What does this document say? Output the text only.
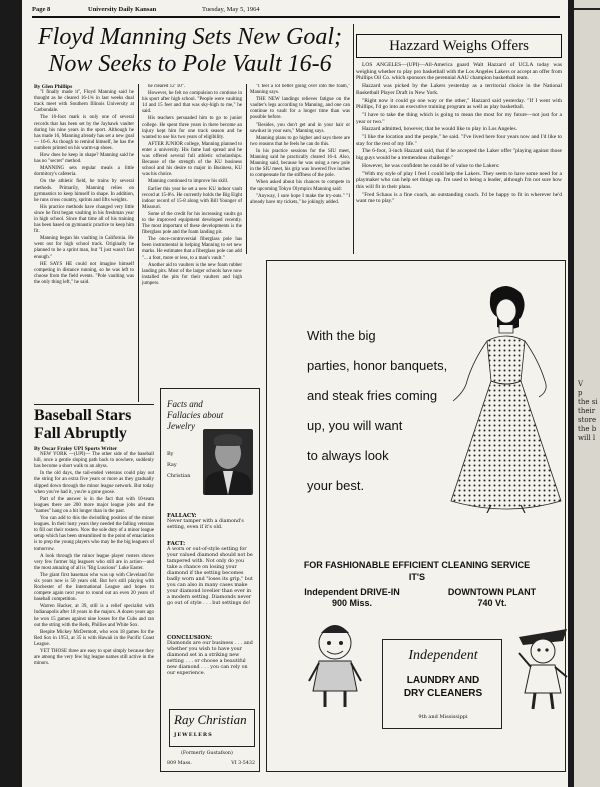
Page 8	University Daily Kansan	Tuesday, May 5, 1964
Floyd Manning Sets New Goal; Now Seeks to Pole Vault 16-6
By Glen Phillips

"I finally made it", Floyd Manning said he thought as he cleared 16-1¾ in last weeks dual track meet with Southern Illinois University at Carbondale.

The 16-foot mark is only one of several records that has been set by the Jayhawk vaulter during his nine years in the sport. Although he has made 16, Manning already has set a new goal — 16-6. As though to remind himself, he has the numbers printed on his warm-up shoes.

How does he keep in shape? Manning said he has no "secret" method.

MANNING sets regular meals a little dormitory's cafeteria.

On the athletic field, he trains by several methods. Primarily, Manning relies on gymnastics to keep himself in shape. In addition, he runs cross country, sprints and lifts weights.

His practice methods have changed very little since he first began vaulting in his freshman year in high school. Since that time all of his training has been based on gymnastic practice to keep him fit.

Manning began his vaulting in California. He went out for high school track. Originally he planned to be a sprint man, but "I just wasn't fast enough."

HE SAYS HE could not imagine himself competing in distance running, so he was left to choose from the field events. "Pole vaulting was the only thing left," he said.

he cleared 12' 10".

However, he felt no compulsion to continue in his sport after high school. "People were vaulting 14 and 15 feet and that was sky-high to me," he said.

His teachers persuaded him to go to junior college. He spent three years in there become an injury kept him for one track season and he wanted to use his two years of eligibility.

AFTER JUNIOR college, Manning planned to enter a university. His fame had spread and he was offered several full athletic scholarships. Because of the strength of the KU business school and his desire to major in Business, KU was his choice.

Manning continued to improve his skill.

Earlier this year he set a new KU indoor vault record at 15-8¼. He currently holds the Big Eight indoor record of 15-8 along with Bill Younger of Missouri.

Some of the credit for his increasing vaults go to the improved equipment developed recently. The most important of these developments is the fiberglass pole and the foam landing pit.

The once-controversial fiberglass pole has been instrumental in helping Manning to set new marks. He estimates that a fiberglass pole can add "... a foot, more or less, to a man's vault."

Another aid to vaulters is the new foam rubber landing pits. Most of the larger schools have now installed the pits for their vaulters and high jumpers.

"I feel a lot better going over into the foam," Manning says.

THE NEW landings relieves fatigue on the vaulter's legs according to Manning, and one can continue to vault for a longer time than was possible before.

"Besides, you don't get and in your hair or sawdust in your ears," Manning says.

Manning plans to go higher and says there are two reasons that he feels he can do this.

In his practice sessions for the SIU meet, Manning said he practically cleared 16-4. Also, Manning said, because he was using a new pole in the SIU meet, his grip was lowered five inches to compensate for the stiffness of the pole.

When asked about his chances to compete in the upcoming Tokyo Olympics Manning said:

"Anyway, I sure hope I make the try-outs." "I already have my tickets," he jokingly added.

Baseball Stars Fall Abruptly
By Oscar Fraley UPI Sports Writer

NEW YORK —(UPI)— The other side of the baseball hill, once a gentle sloping path back to nowhere, suddenly has become a short walk to an abyss.

In the old days, the tail-ended veterans could play out the string for an extra five years or more as they gradually slipped down through the minor league network. But today when you've had it, you're a gone goose.

Part of the answer is in the fact that with 10-team leagues there are 200 more major league jobs and the "names" hang on a bit longer than in the past.

You can add to this the dwindling position of the minor leagues. In their lusty years they needed the falling veterans to fill out their rosters. Now the sole duty of a minor league setup which has been streamlined to the point of emaciation is to prep the young players who may be the big leaguers of tomorrow.

A look through the minor league player rosters shows very few former big leaguers who still are in action—and the most amazing of all is "Big Luscious" Luke Easter.

The giant first baseman who was up with Cleveland for six years now is 50 years old. But he's still playing with Rochester of the International League and hopes to compete again next year to round out an even 20 years of baseball competition.

Warren Hacker, at 39, still is a relief specialist with Indianapolis after 18 years in the majors. A dozen years ago he won 15 games against nine losses for the Cubs and ran out the string with the Reds, Phillies and White Sox.

Bespite Mickey McDermott, who won 18 games for the Red Sox in 1953, at 35 is with Hawaii in the Pacific Coast League.

YET THOSE three are easy to spot simply because they are among the very few big league names still active in the minors.

Hazzard Weighs Offers

LOS ANGELES—(UPI)—All-America guard Walt Hazzard of UCLA today was weighing whether to play pro basketball with the Los Angeles Lakers or accept an offer from Phillips Oil Co. which sponsors the perennial AAU champion basketball team.

Hazzard was picked by the Lakers yesterday as a territorial choice in the National Basketball Player Draft in New York.

"Right now it could go one way or the other," Hazzard said yesterday. "If I went with Phillips, I'd go into an executive training program as well as play basketball.

"I have to take the thing which is going to mean the most for my future—not just for a year or two."

Hazzard admitted, however, that he would like to play in Los Angeles.

"I like the location and the people," he said. "I've lived here four years now and I'd like to stay for the rest of my life."

The 6-foot, 3-inch Hazzard said, that if he accepted the Laker offer "playing against those big guys would be a tremendous challenge."

However, he was confident he could be of value to the Lakers:

"With my style of play I feel I could help the Lakers. They seem to have some need for a playmaker who can help set things up. I'm used to being a leader, although I'm not sure how this will fit in their plans.

"Fred Schaus is a fine coach, an outstanding coach. I'd be happy to fit in wherever he'd want me to play."

Facts and Fallacies about Jewelry
By
Ray
Christian
FALLACY:
Never tamper with a diamond's setting, even if it's old.
FACT:
A worn or out-of-style setting for your valued diamond should not be tampered with. Not only do you take a chance on losing your diamond if the setting becomes badly worn and "loses its grip," but you can also in many cases make your diamond lovelier than ever in a modern setting. Diamonds never go out of style . . . but settings do!
CONCLUSION:
Diamonds are our business . . . and whether you wish to have your diamond set in a striking new setting . . . or choose a beautiful new diamond . . . you can rely on our experience.
Ray Christian
JEWELERS
(Formerly Gustafson)
809 Mass.	VI 3-5432
With the big
parties, honor banquets,
and steak fries coming
up, you will want
to always look
your best.
FOR FASHIONABLE EFFICIENT CLEANING SERVICE
IT'S
Independent DRIVE-IN
900 Miss.
DOWNTOWN PLANT
740 Vt.
Independent
LAUNDRY AND
DRY CLEANERS
9th and Mississippi
V
p
the si
their
store
the b
will l
